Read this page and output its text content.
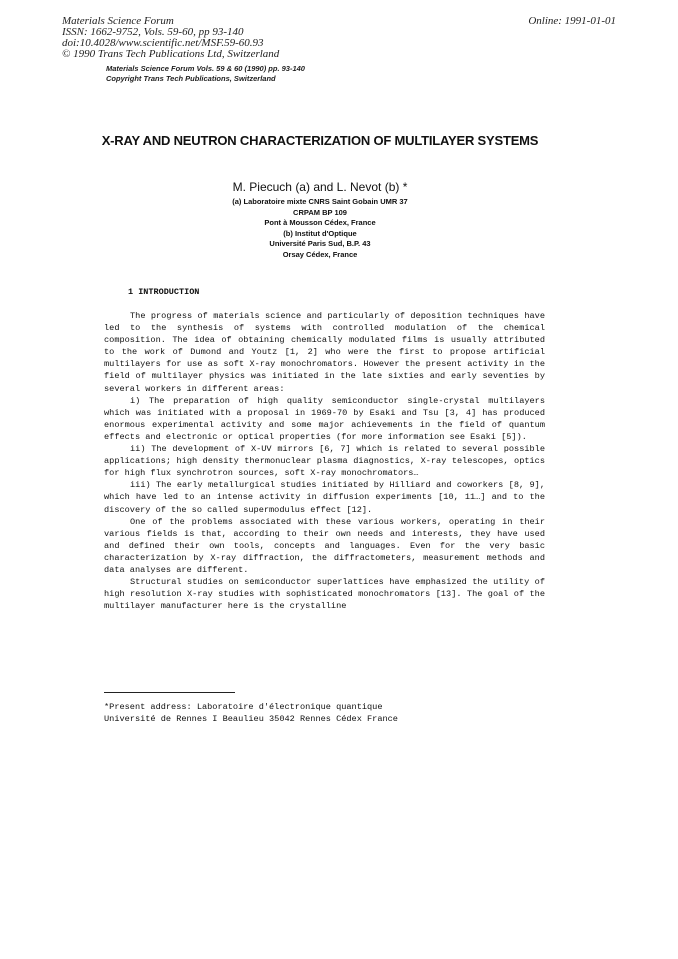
Materials Science Forum
ISSN: 1662-9752, Vols. 59-60, pp 93-140
doi:10.4028/www.scientific.net/MSF.59-60.93
© 1990 Trans Tech Publications Ltd, Switzerland
Online: 1991-01-01
Materials Science Forum Vols. 59 & 60 (1990) pp. 93-140
Copyright Trans Tech Publications, Switzerland
X-RAY AND NEUTRON CHARACTERIZATION OF MULTILAYER SYSTEMS
M. Piecuch (a) and L. Nevot (b) *
(a) Laboratoire mixte CNRS Saint Gobain UMR 37
CRPAM BP 109
Pont à Mousson Cédex, France
(b) Institut d'Optique
Université Paris Sud, B.P. 43
Orsay Cédex, France
1 INTRODUCTION

The progress of materials science and particularly of deposition techniques have led to the synthesis of systems with controlled modulation of the chemical composition. The idea of obtaining chemically modulated films is usually attributed to the work of Dumond and Youtz [1, 2] who were the first to propose artificial multilayers for use as soft X-ray monochromators. However the present activity in the field of multilayer physics was initiated in the late sixties and early seventies by several workers in different areas:

i) The preparation of high quality semiconductor single-crystal multilayers which was initiated with a proposal in 1969-70 by Esaki and Tsu [3, 4] has produced enormous experimental activity and some major achievements in the field of quantum effects and electronic or optical properties (for more information see Esaki [5]).

ii) The development of X-UV mirrors [6, 7] which is related to several possible applications; high density thermonuclear plasma diagnostics, X-ray telescopes, optics for high flux synchrotron sources, soft X-ray monochromators…

iii) The early metallurgical studies initiated by Hilliard and coworkers [8, 9], which have led to an intense activity in diffusion experiments [10, 11…] and to the discovery of the so called supermodulus effect [12].

One of the problems associated with these various workers, operating in their various fields is that, according to their own needs and interests, they have used and defined their own tools, concepts and languages. Even for the very basic characterization by X-ray diffraction, the diffractometers, measurement methods and data analyses are different.

Structural studies on semiconductor superlattices have emphasized the utility of high resolution X-ray studies with sophisticated monochromators [13]. The goal of the multilayer manufacturer here is the crystalline

*Present address: Laboratoire d'électronique quantique
Université de Rennes I Beaulieu 35042 Rennes Cédex France
